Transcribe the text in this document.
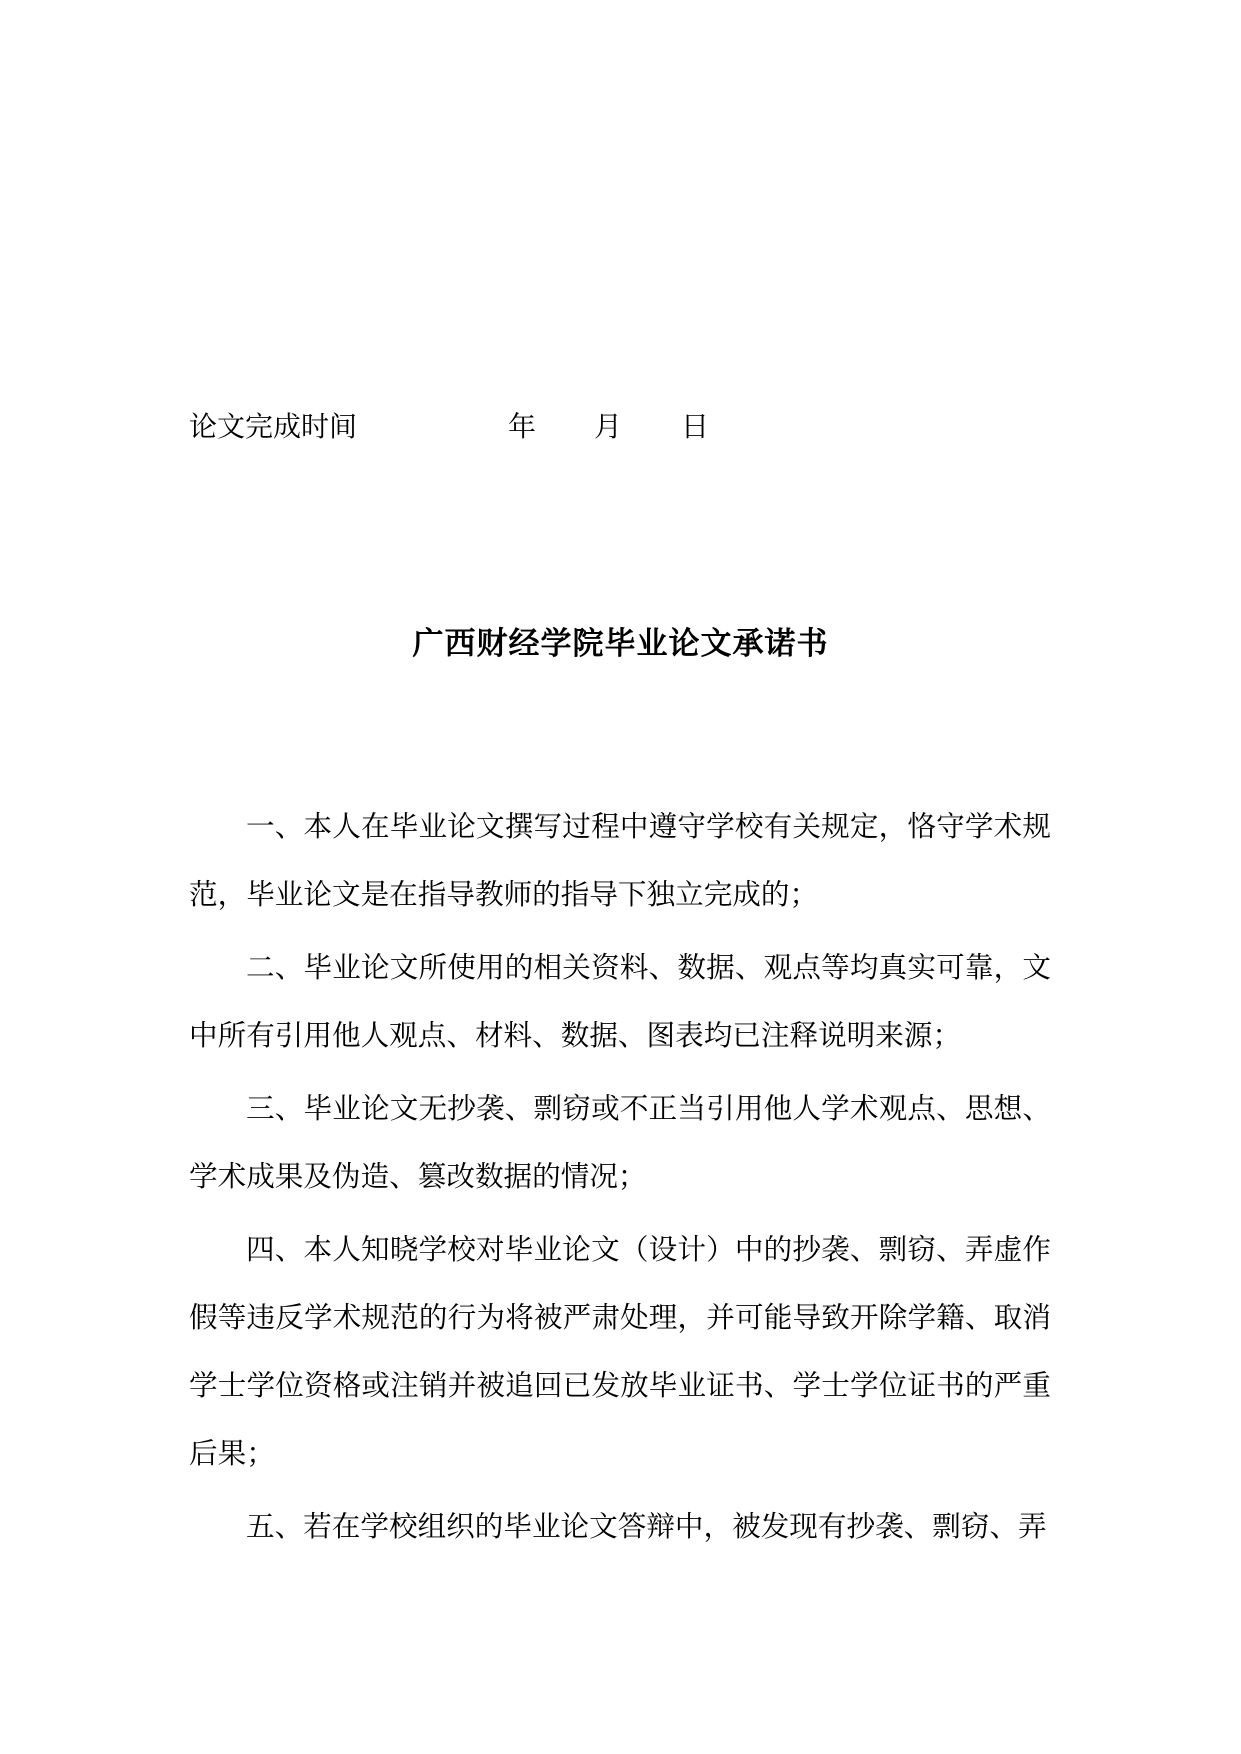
论文完成时间	年 月 日
广西财经学院毕业论文承诺书

一、本人在毕业论文撰写过程中遵守学校有关规定，恪守学术规范，毕业论文是在指导教师的指导下独立完成的；

二、毕业论文所使用的相关资料、数据、观点等均真实可靠，文中所有引用他人观点、材料、数据、图表均已注释说明来源；

三、毕业论文无抄袭、剽窃或不正当引用他人学术观点、思想、学术成果及伪造、篡改数据的情况；

四、本人知晓学校对毕业论文（设计）中的抄袭、剽窃、弄虚作假等违反学术规范的行为将被严肃处理，并可能导致开除学籍、取消学士学位资格或注销并被追回已发放毕业证书、学士学位证书的严重后果；

五、若在学校组织的毕业论文答辩中，被发现有抄袭、剽窃、弄
